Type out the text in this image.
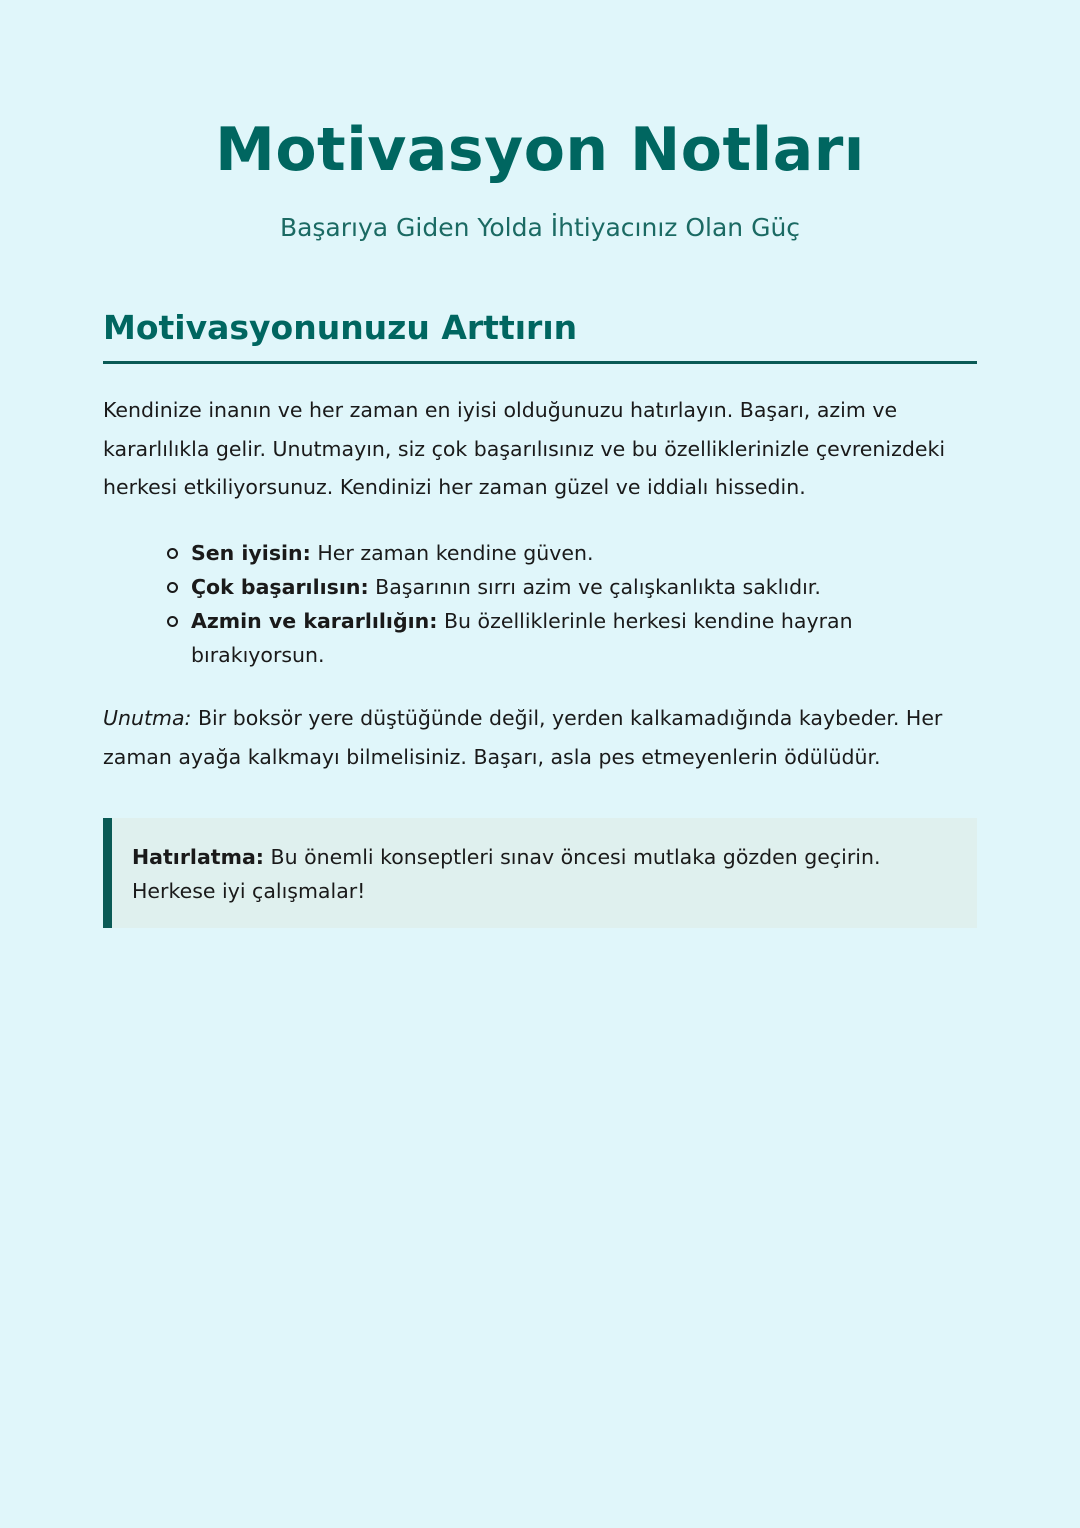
Motivasyon Notları

Başarıya Giden Yolda İhtiyacınız Olan Güç

Motivasyonunuzu Arttırın

Kendinize inanın ve her zaman en iyisi olduğunuzu hatırlayın. Başarı, azim ve kararlılıkla gelir. Unutmayın, siz çok başarılısınız ve bu özelliklerinizle çevrenizdeki herkesi etkiliyorsunuz. Kendinizi her zaman güzel ve iddialı hissedin.

Sen iyisin: Her zaman kendine güven.
Çok başarılısın: Başarının sırrı azim ve çalışkanlıkta saklıdır.
Azmin ve kararlılığın: Bu özelliklerinle herkesi kendine hayran bırakıyorsun.

Unutma: Bir boksör yere düştüğünde değil, yerden kalkamadığında kaybeder. Her zaman ayağa kalkmayı bilmelisiniz. Başarı, asla pes etmeyenlerin ödülüdür.

Hatırlatma: Bu önemli konseptleri sınav öncesi mutlaka gözden geçirin. Herkese iyi çalışmalar!
